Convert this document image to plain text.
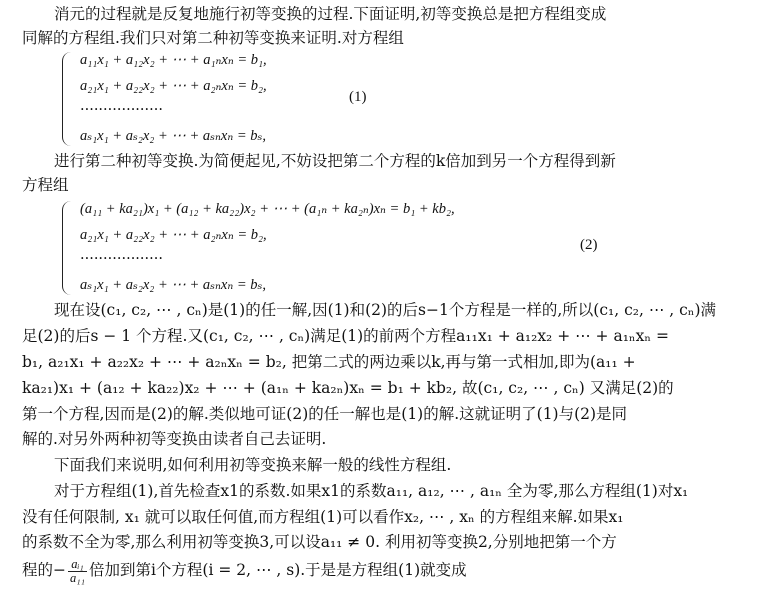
消元的过程就是反复地施行初等变换的过程.下面证明,初等变换总是把方程组变成
同解的方程组.我们只对第二种初等变换来证明.对方程组
a₁₁x₁ + a₁₂x₂ + ⋯ + a₁ₙxₙ = b₁,
a₂₁x₁ + a₂₂x₂ + ⋯ + a₂ₙxₙ = b₂,
··················
aₛ₁x₁ + aₛ₂x₂ + ⋯ + aₛₙxₙ = bₛ,
(1)
进行第二种初等变换.为简便起见,不妨设把第二个方程的k倍加到另一个方程得到新
方程组
(a₁₁ + ka₂₁)x₁ + (a₁₂ + ka₂₂)x₂ + ⋯ + (a₁ₙ + ka₂ₙ)xₙ = b₁ + kb₂,
a₂₁x₁ + a₂₂x₂ + ⋯ + a₂ₙxₙ = b₂,
··················
aₛ₁x₁ + aₛ₂x₂ + ⋯ + aₛₙxₙ = bₛ,
(2)
现在设(c₁, c₂, ⋯ , cₙ)是(1)的任一解,因(1)和(2)的后s−1个方程是一样的,所以(c₁, c₂, ⋯ , cₙ)满
足(2)的后s − 1 个方程.又(c₁, c₂, ⋯ , cₙ)满足(1)的前两个方程a₁₁x₁ + a₁₂x₂ + ⋯ + a₁ₙxₙ =
b₁, a₂₁x₁ + a₂₂x₂ + ⋯ + a₂ₙxₙ = b₂, 把第二式的两边乘以k,再与第一式相加,即为(a₁₁ +
ka₂₁)x₁ + (a₁₂ + ka₂₂)x₂ + ⋯ + (a₁ₙ + ka₂ₙ)xₙ = b₁ + kb₂, 故(c₁, c₂, ⋯ , cₙ) 又满足(2)的
第一个方程,因而是(2)的解.类似地可证(2)的任一解也是(1)的解.这就证明了(1)与(2)是同
解的.对另外两种初等变换由读者自己去证明.
下面我们来说明,如何利用初等变换来解一般的线性方程组.
对于方程组(1),首先检查x1的系数.如果x1的系数a₁₁, a₁₂, ⋯ , a₁ₙ 全为零,那么方程组(1)对x₁
没有任何限制, x₁ 就可以取任何值,而方程组(1)可以看作x₂, ⋯ , xₙ 的方程组来解.如果x₁
的系数不全为零,那么利用初等变换3,可以设a₁₁ ≠ 0. 利用初等变换2,分别地把第一个方
程的− $\frac{\text{aᵢ₁}}{\text{a₁₁}}$ 倍加到第i个方程(i = 2, ⋯ , s).于是是方程组(1)就变成
